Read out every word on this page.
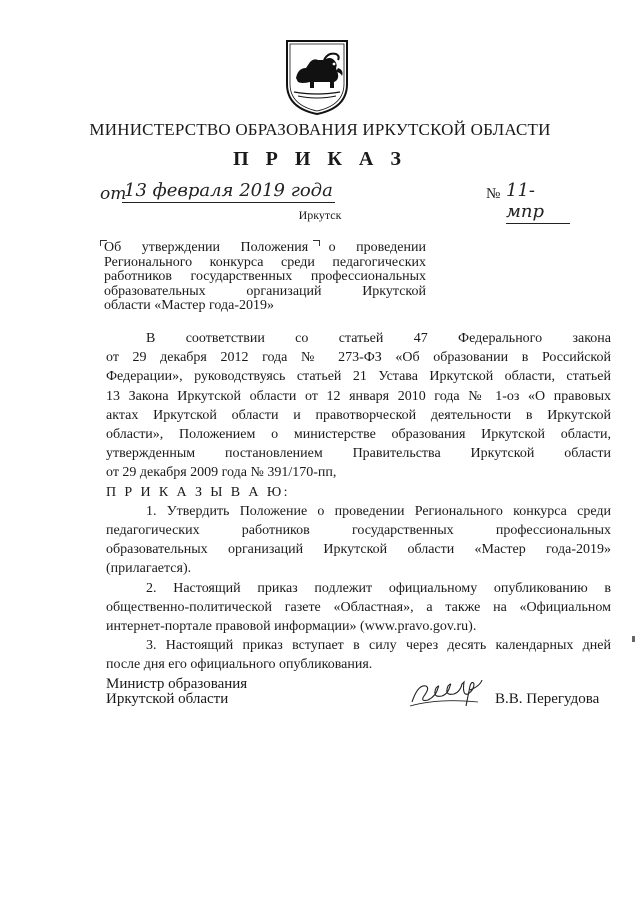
МИНИСТЕРСТВО ОБРАЗОВАНИЯ ИРКУТСКОЙ ОБЛАСТИ
П Р И К А З
от
13 февраля 2019 года	№ 11-мпр
Иркутск
Об утверждении Положения о проведении
Регионального конкурса среди педагогических
работников государственных профессиональных
образовательных организаций Иркутской
области «Мастер года-2019»
В соответствии со статьей 47 Федерального закона
от 29 декабря 2012 года № 273-ФЗ «Об образовании в Российской
Федерации», руководствуясь статьей 21 Устава Иркутской области, статьей
13 Закона Иркутской области от 12 января 2010 года № 1-оз «О правовых
актах Иркутской области и правотворческой деятельности в Иркутской
области», Положением о министерстве образования Иркутской области,
утвержденным постановлением Правительства Иркутской области
от 29 декабря 2009 года № 391/170-пп,
П Р И К А З Ы В А Ю:
1. Утвердить Положение о проведении Регионального конкурса среди
педагогических работников государственных профессиональных
образовательных организаций Иркутской области «Мастер года-2019»
(прилагается).
2. Настоящий приказ подлежит официальному опубликованию в
общественно-политической газете «Областная», а также на «Официальном
интернет-портале правовой информации» (www.pravo.gov.ru).
3. Настоящий приказ вступает в силу через десять календарных дней
после дня его официального опубликования.
Министр образования
Иркутской области	В.В. Перегудова
